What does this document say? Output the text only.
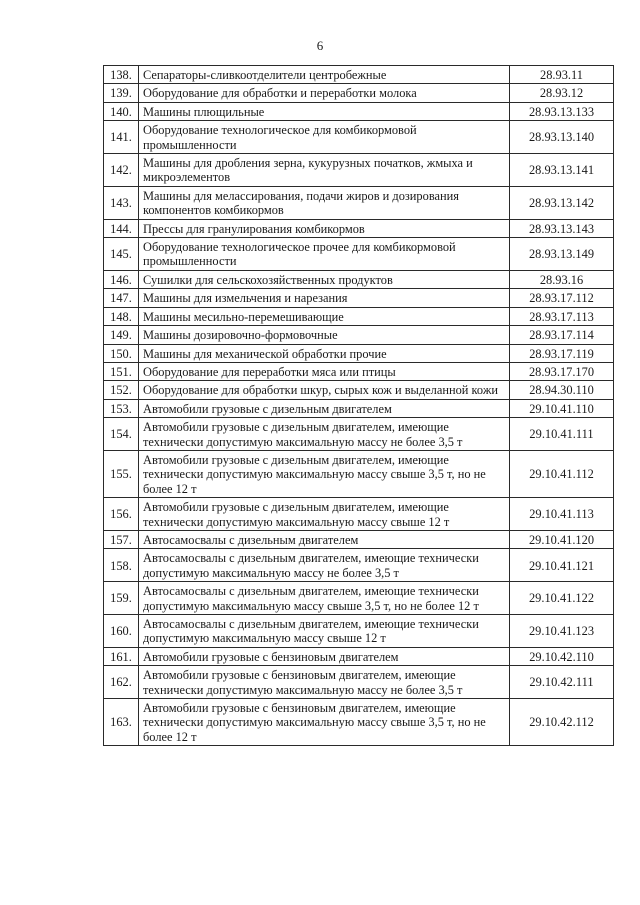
6
138.	Сепараторы-сливкоотделители центробежные	28.93.11
139.	Оборудование для обработки и переработки молока	28.93.12
140.	Машины плющильные	28.93.13.133
141.	Оборудование технологическое для комбикормовой промышленности	28.93.13.140
142.	Машины для дробления зерна, кукурузных початков, жмыха и микроэлементов	28.93.13.141
143.	Машины для мелассирования, подачи жиров и дозирования компонентов комбикормов	28.93.13.142
144.	Прессы для гранулирования комбикормов	28.93.13.143
145.	Оборудование технологическое прочее для комбикормовой промышленности	28.93.13.149
146.	Сушилки для сельскохозяйственных продуктов	28.93.16
147.	Машины для измельчения и нарезания	28.93.17.112
148.	Машины месильно-перемешивающие	28.93.17.113
149.	Машины дозировочно-формовочные	28.93.17.114
150.	Машины для механической обработки прочие	28.93.17.119
151.	Оборудование для переработки мяса или птицы	28.93.17.170
152.	Оборудование для обработки шкур, сырых кож и выделанной кожи	28.94.30.110
153.	Автомобили грузовые с дизельным двигателем	29.10.41.110
154.	Автомобили грузовые с дизельным двигателем, имеющие технически допустимую максимальную массу не более 3,5 т	29.10.41.111
155.	Автомобили грузовые с дизельным двигателем, имеющие технически допустимую максимальную массу свыше 3,5 т, но не более 12 т	29.10.41.112
156.	Автомобили грузовые с дизельным двигателем, имеющие технически допустимую максимальную массу свыше 12 т	29.10.41.113
157.	Автосамосвалы с дизельным двигателем	29.10.41.120
158.	Автосамосвалы с дизельным двигателем, имеющие технически допустимую максимальную массу не более 3,5 т	29.10.41.121
159.	Автосамосвалы с дизельным двигателем, имеющие технически допустимую максимальную массу свыше 3,5 т, но не более 12 т	29.10.41.122
160.	Автосамосвалы с дизельным двигателем, имеющие технически допустимую максимальную массу свыше 12 т	29.10.41.123
161.	Автомобили грузовые с бензиновым двигателем	29.10.42.110
162.	Автомобили грузовые с бензиновым двигателем, имеющие технически допустимую максимальную массу не более 3,5 т	29.10.42.111
163.	Автомобили грузовые с бензиновым двигателем, имеющие технически допустимую максимальную массу свыше 3,5 т, но не более 12 т	29.10.42.112
